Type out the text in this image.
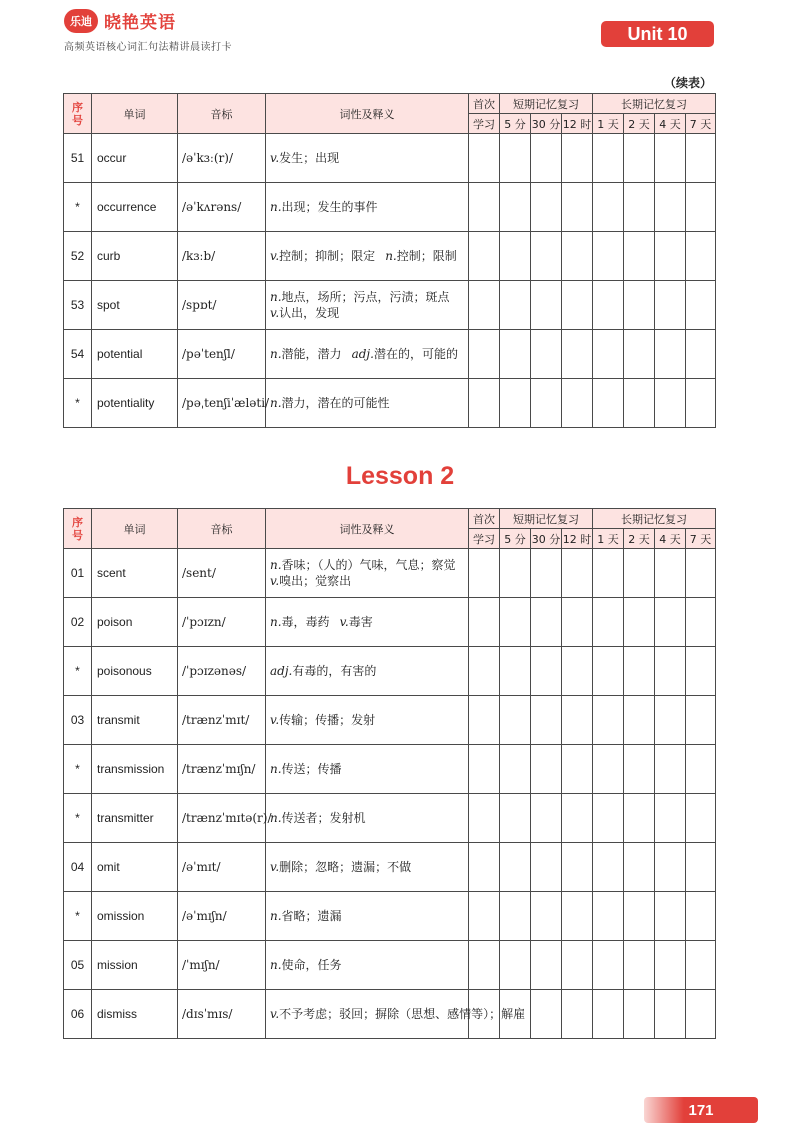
乐迪 晓艳英语
高频英语核心词汇句法精讲晨读打卡
Unit 10
（续表）
序
号	单词	音标	词性及释义	首次	短期记忆复习			长期记忆复习			
				学习	5 分	30 分	12 时	1 天	2 天	4 天	7 天
51	occur	/əˈkɜː(r)/	v.发生；出现								
*	occurrence	/əˈkʌrəns/	n.出现；发生的事件								
52	curb	/kɜːb/	v.控制；抑制；限定 n.控制；限制								
53	spot	/spɒt/	n.地点，场所；污点，污渍；斑点
v.认出，发现								

54	potential	/pəˈtenʃl/	n.潜能，潜力 adj.潜在的，可能的								
*	potentiality	/pəˌtenʃiˈæləti/	n.潜力，潜在的可能性								
Lesson 2
序
号	单词	音标	词性及释义	首次	短期记忆复习			长期记忆复习			
				学习	5 分	30 分	12 时	1 天	2 天	4 天	7 天
01	scent	/sent/	n.香味；（人的）气味，气息；察觉
v.嗅出；觉察出								

02	poison	/ˈpɔɪzn/	n.毒，毒药 v.毒害								
*	poisonous	/ˈpɔɪzənəs/	adj.有毒的，有害的								
03	transmit	/trænzˈmɪt/	v.传输；传播；发射								
*	transmission	/trænzˈmɪʃn/	n.传送；传播								
*	transmitter	/trænzˈmɪtə(r)/	n.传送者；发射机								
04	omit	/əˈmɪt/	v.删除；忽略；遗漏；不做								
*	omission	/əˈmɪʃn/	n.省略；遗漏								
05	mission	/ˈmɪʃn/	n.使命，任务								
06	dismiss	/dɪsˈmɪs/	v.不予考虑；驳回；摒除（思想、感情等）；解雇								
171
